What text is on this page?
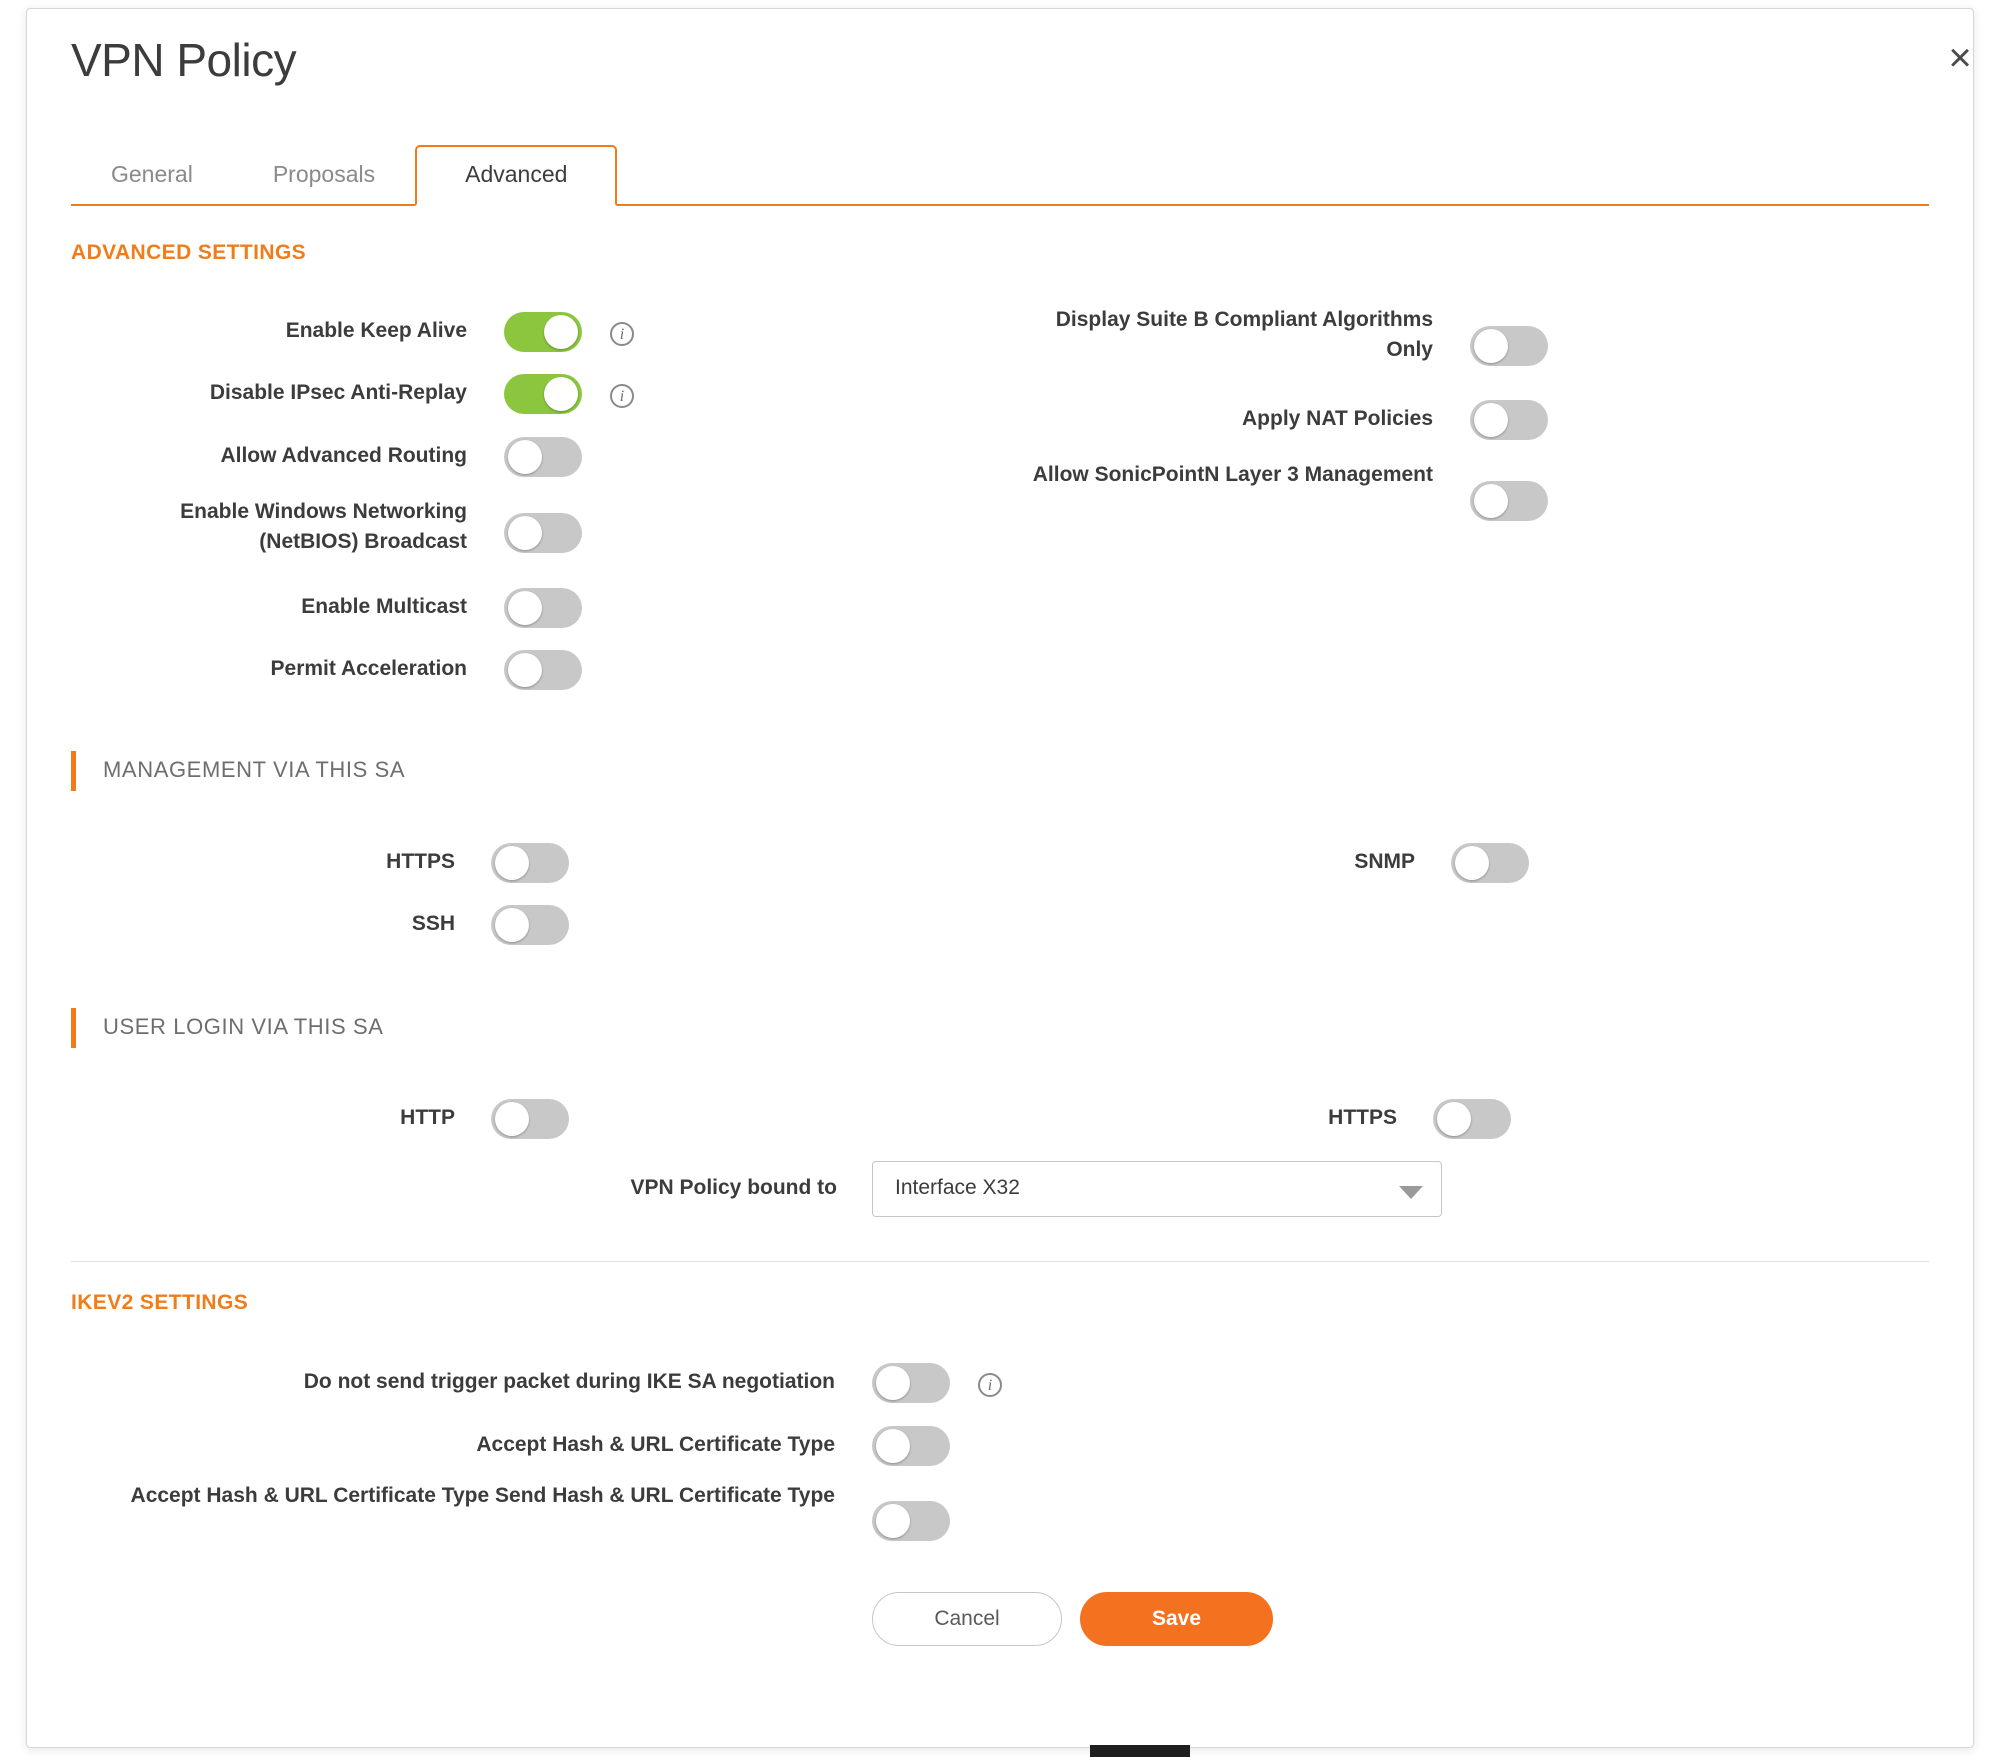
×
VPN Policy
General	Proposals	Advanced
ADVANCED SETTINGS
Enable Keep Alive	i
Disable IPsec Anti-Replay	i
Allow Advanced Routing
Enable Windows Networking (NetBIOS) Broadcast
Enable Multicast
Permit Acceleration
Display Suite B Compliant Algorithms Only
Apply NAT Policies
Allow SonicPointN Layer 3 Management
MANAGEMENT VIA THIS SA
HTTPS
SSH
SNMP
USER LOGIN VIA THIS SA
HTTP	HTTPS
VPN Policy bound to	Interface X32
IKEV2 SETTINGS
Do not send trigger packet during IKE SA negotiation	i
Accept Hash & URL Certificate Type
Accept Hash & URL Certificate Type Send Hash & URL Certificate Type
Cancel	Save
